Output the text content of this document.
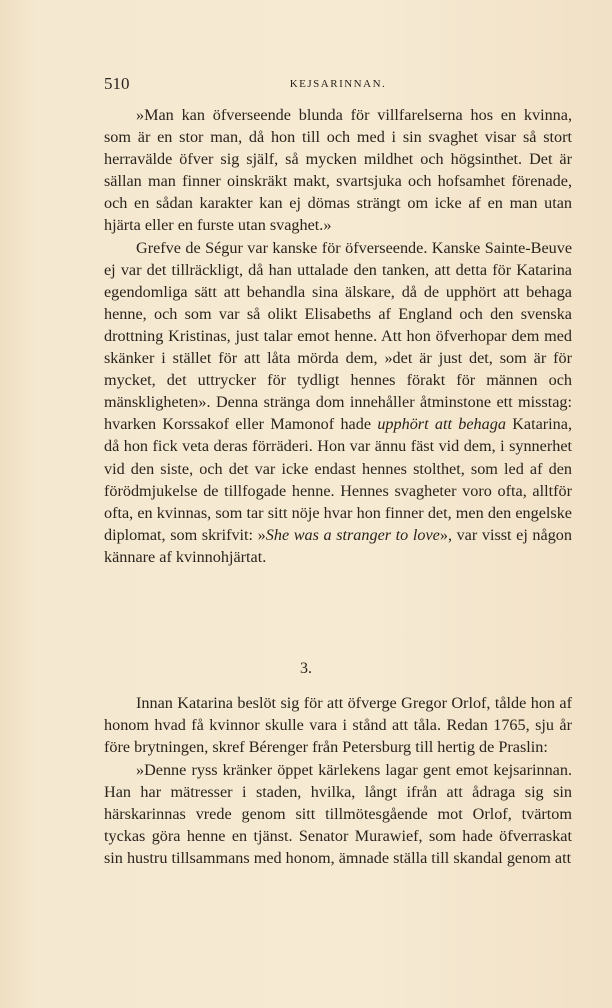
510	KEJSARINNAN.

»Man kan öfverseende blunda för villfarelserna hos en kvinna, som är en stor man, då hon till och med i sin svaghet visar så stort herravälde öfver sig själf, så mycken mildhet och högsinthet. Det är sällan man finner oinskräkt makt, svartsjuka och hofsamhet förenade, och en sådan karakter kan ej dömas strängt om icke af en man utan hjärta eller en furste utan svaghet.»

Grefve de Ségur var kanske för öfverseende. Kanske Sainte-Beuve ej var det tillräckligt, då han uttalade den tanken, att detta för Katarina egendomliga sätt att behandla sina älskare, då de upphört att behaga henne, och som var så olikt Elisabeths af England och den svenska drottning Kristinas, just talar emot henne. Att hon öfverhopar dem med skänker i stället för att låta mörda dem, »det är just det, som är för mycket, det uttrycker för tydligt hennes förakt för männen och mänskligheten». Denna stränga dom innehåller åtminstone ett misstag: hvarken Korssakof eller Mamonof hade upphört att behaga Katarina, då hon fick veta deras förräderi. Hon var ännu fäst vid dem, i synnerhet vid den siste, och det var icke endast hennes stolthet, som led af den förödmjukelse de tillfogade henne. Hennes svagheter voro ofta, alltför ofta, en kvinnas, som tar sitt nöje hvar hon finner det, men den engelske diplomat, som skrifvit: »She was a stranger to love», var visst ej någon kännare af kvinnohjärtat.

3.

Innan Katarina beslöt sig för att öfverge Gregor Orlof, tålde hon af honom hvad få kvinnor skulle vara i stånd att tåla. Redan 1765, sju år före brytningen, skref Bérenger från Petersburg till hertig de Praslin:

»Denne ryss kränker öppet kärlekens lagar gent emot kejsarinnan. Han har mätresser i staden, hvilka, långt ifrån att ådraga sig sin härskarinnas vrede genom sitt tillmötesgående mot Orlof, tvärtom tyckas göra henne en tjänst. Senator Murawief, som hade öfverraskat sin hustru tillsammans med honom, ämnade ställa till skandal genom att
